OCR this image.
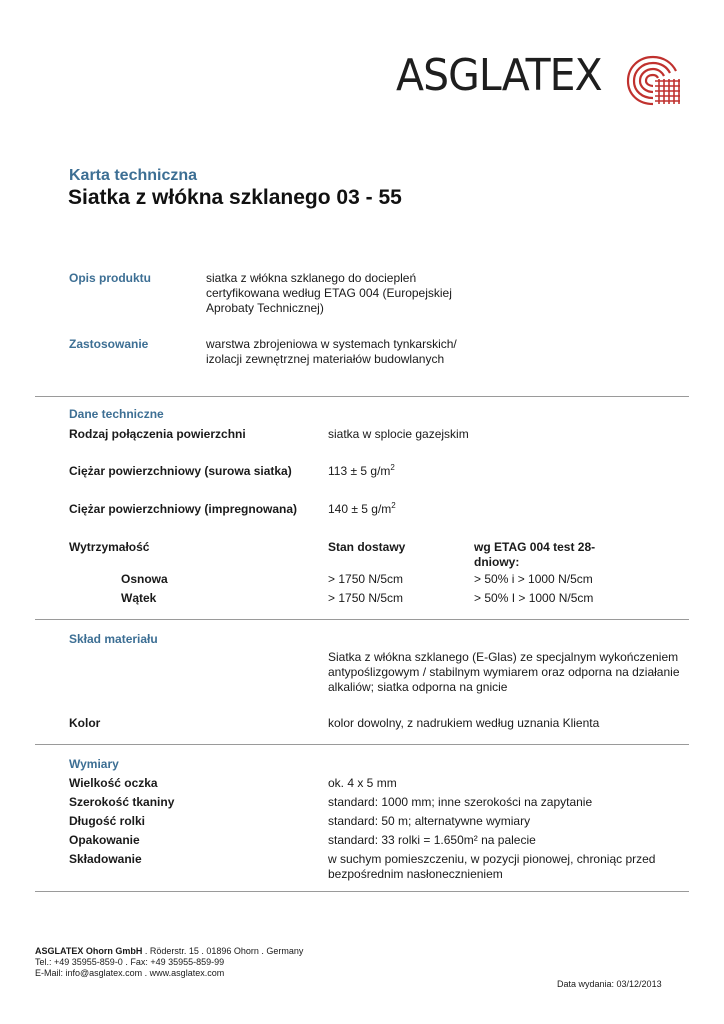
ASGLATEX
Karta techniczna
Siatka z włókna szklanego 03 - 55
Opis produktu	siatka z włókna szklanego do dociepleń
certyfikowana według ETAG 004 (Europejskiej
Aprobaty Technicznej)
Zastosowanie	warstwa zbrojeniowa w systemach tynkarskich/
izolacji zewnętrznej materiałów budowlanych
Dane techniczne
Rodzaj połączenia powierzchni	siatka w splocie gazejskim
Ciężar powierzchniowy (surowa siatka)	113 ± 5 $g/m^2$
Ciężar powierzchniowy (impregnowana)	140 ± 5 $g/m^2$
Wytrzymałość	Stan dostawy	wg ETAG 004 test 28-
dniowy:
Osnowa	> 1750 N/5cm	> 50% i > 1000 N/5cm
Wątek	> 1750 N/5cm	> 50% I > 1000 N/5cm
Skład materiału
Siatka z włókna szklanego (E-Glas) ze specjalnym wykończeniem
antypoślizgowym / stabilnym wymiarem oraz odporna na działanie
alkaliów; siatka odporna na gnicie
Kolor	kolor dowolny, z nadrukiem według uznania Klienta
Wymiary
Wielkość oczka	ok. 4 x 5 mm
Szerokość tkaniny	standard: 1000 mm; inne szerokości na zapytanie
Długość rolki	standard: 50 m; alternatywne wymiary
Opakowanie	standard: 33 rolki = 1.650m² na palecie
Składowanie	w suchym pomieszczeniu, w pozycji pionowej, chroniąc przed
bezpośrednim nasłonecznieniem
ASGLATEX Ohorn GmbH . Röderstr. 15 . 01896 Ohorn . Germany
Tel.: +49 35955-859-0 . Fax: +49 35955-859-99
E-Mail: info@asglatex.com . www.asglatex.com
Data wydania: 03/12/2013
